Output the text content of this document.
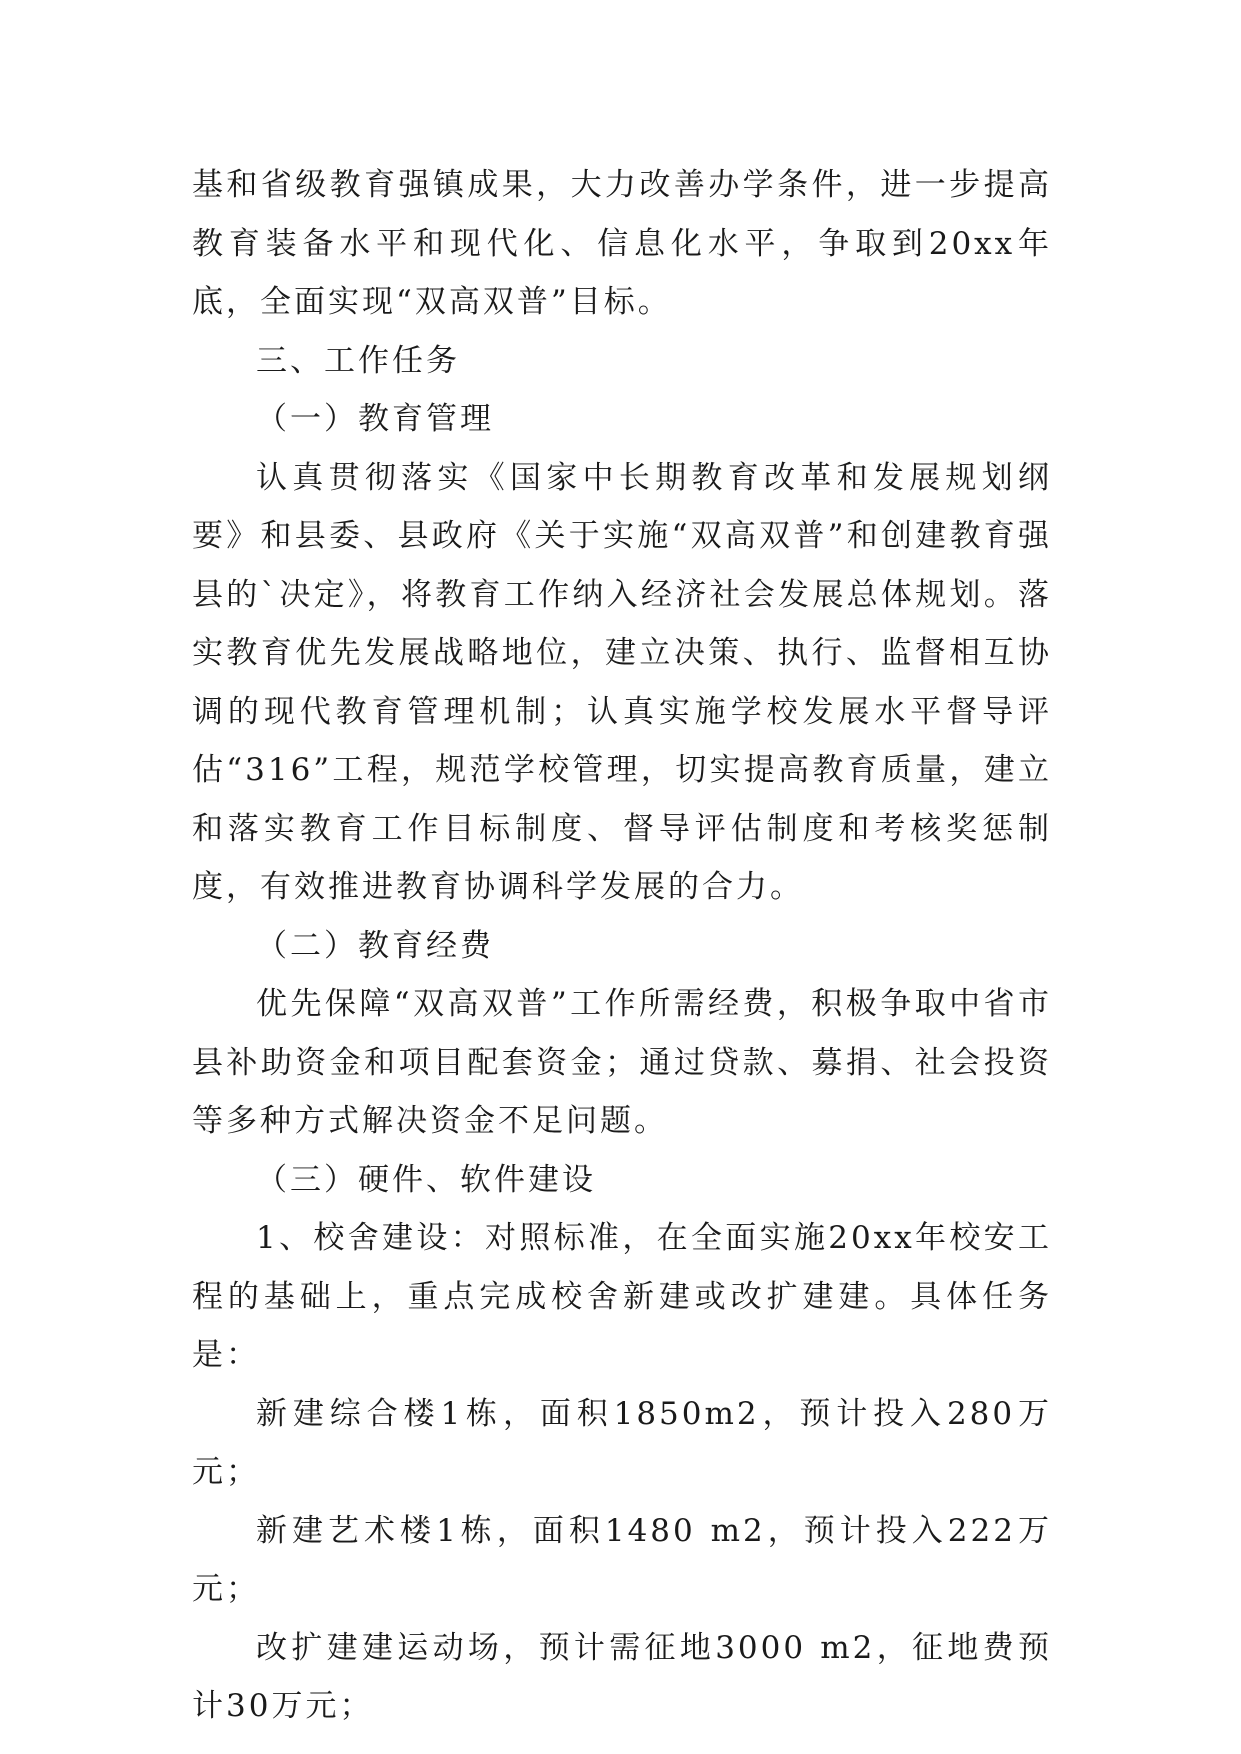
基和省级教育强镇成果，大力改善办学条件，进一步提高教育装备水平和现代化、信息化水平，争取到20xx年底，全面实现“双高双普”目标。

三、工作任务

（一）教育管理

认真贯彻落实《国家中长期教育改革和发展规划纲要》和县委、县政府《关于实施“双高双普”和创建教育强县的`决定》，将教育工作纳入经济社会发展总体规划。落实教育优先发展战略地位，建立决策、执行、监督相互协调的现代教育管理机制；认真实施学校发展水平督导评估“316”工程，规范学校管理，切实提高教育质量，建立和落实教育工作目标制度、督导评估制度和考核奖惩制度，有效推进教育协调科学发展的合力。

（二）教育经费

优先保障“双高双普”工作所需经费，积极争取中省市县补助资金和项目配套资金；通过贷款、募捐、社会投资等多种方式解决资金不足问题。

（三）硬件、软件建设

1、校舍建设：对照标准，在全面实施20xx年校安工程的基础上，重点完成校舍新建或改扩建建。具体任务是：

新建综合楼1栋，面积1850m2，预计投入280万元；

新建艺术楼1栋，面积1480 m2，预计投入222万元；

改扩建建运动场，预计需征地3000 m2，征地费预计30万元；
